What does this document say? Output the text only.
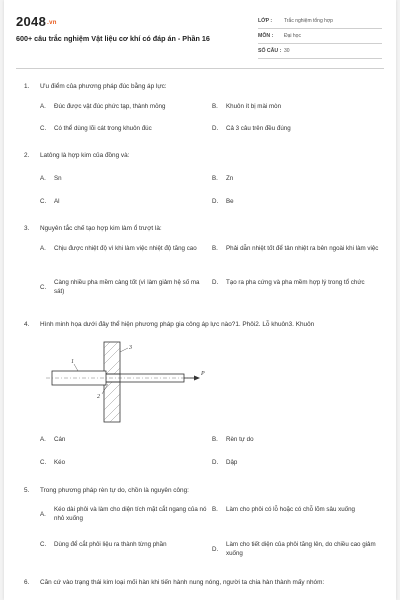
2048.vn
600+ câu trắc nghiệm Vật liệu cơ khí có đáp án - Phần 16
LỚP :	Trắc nghiệm tổng hợp
MÔN :	Đại học
SỐ CÂU : 30
1. Ưu điểm của phương pháp đúc bằng áp lực:
A.	Đúc được vật đúc phức tạp, thành mỏng	B.	Khuôn ít bị mài mòn
C.	Có thể dùng lõi cát trong khuôn đúc	D.	Cả 3 câu trên đều đúng
2. Latông là hợp kim của đồng và:
A.	Sn	B.	Zn
C.	Al	D.	Be
3. Nguyên tắc chế tạo hợp kim làm ổ trượt là:
A.	Chịu được nhiệt độ vì khi làm việc nhiệt độ tăng cao	B.	Phải dẫn nhiệt tốt để tản nhiệt ra bên ngoài khi làm việc
C.
Càng nhiều pha mềm càng tốt (vì làm giảm hệ số ma sát)
D.	Tạo ra pha cứng và pha mềm hợp lý trong tổ chức
4. Hình minh họa dưới đây thể hiện phương pháp gia công áp lực nào?1. Phôi2. Lỗ khuôn3. Khuôn
1
2
3
P
A.	Cán	B.	Rèn tự do
C.	Kéo	D.	Dập
5. Trong phương pháp rèn tự do, chồn là nguyên công:
A.
Kéo dài phôi và làm cho diện tích mặt cắt ngang của nó nhỏ xuống
B.	Làm cho phôi có lỗ hoặc có chỗ lõm sâu xuống
C.	Dùng để cắt phôi liệu ra thành từng phần
D.
Làm cho tiết diện của phôi tăng lên, do chiều cao giảm xuống
6. Căn cứ vào trạng thái kim loại mối hàn khi tiến hành nung nóng, người ta chia hàn thành mấy nhóm:
